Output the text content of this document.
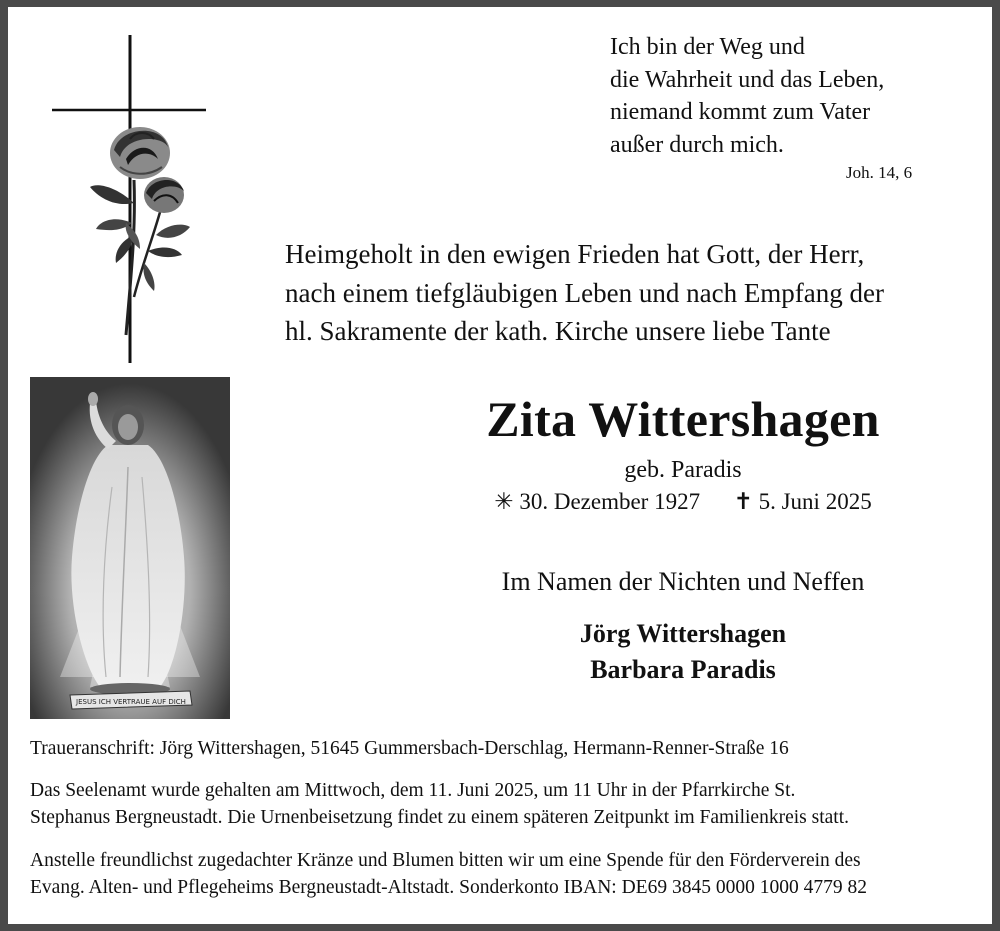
Ich bin der Weg und
die Wahrheit und das Leben,
niemand kommt zum Vater
außer durch mich.
Joh. 14, 6
Heimgeholt in den ewigen Frieden hat Gott, der Herr,
nach einem tiefgläubigen Leben und nach Empfang der
hl. Sakramente der kath. Kirche unsere liebe Tante
JESUS ICH VERTRAUE AUF DICH
Zita Wittershagen
geb. Paradis
✳ 30. Dezember 1927 ✝ 5. Juni 2025
Im Namen der Nichten und Neffen
Jörg Wittershagen
Barbara Paradis
Traueranschrift: Jörg Wittershagen, 51645 Gummersbach-Derschlag, Hermann-Renner-Straße 16
Das Seelenamt wurde gehalten am Mittwoch, dem 11. Juni 2025, um 11 Uhr in der Pfarrkirche St.
Stephanus Bergneustadt. Die Urnenbeisetzung findet zu einem späteren Zeitpunkt im Familienkreis statt.
Anstelle freundlichst zugedachter Kränze und Blumen bitten wir um eine Spende für den Förderverein des
Evang. Alten- und Pflegeheims Bergneustadt-Altstadt. Sonderkonto IBAN: DE69 3845 0000 1000 4779 82
